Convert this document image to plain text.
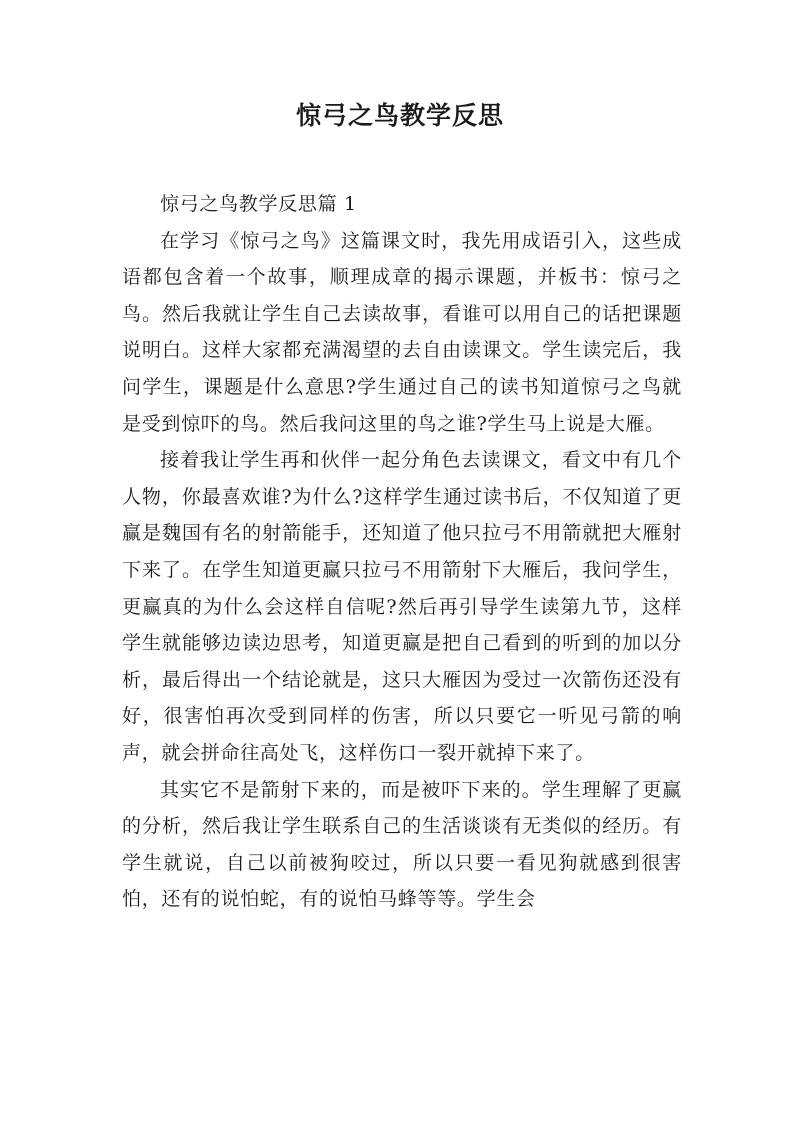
惊弓之鸟教学反思

惊弓之鸟教学反思篇 1

在学习《惊弓之鸟》这篇课文时，我先用成语引入，这些成语都包含着一个故事，顺理成章的揭示课题，并板书：惊弓之鸟。然后我就让学生自己去读故事，看谁可以用自己的话把课题说明白。这样大家都充满渴望的去自由读课文。学生读完后，我问学生，课题是什么意思?学生通过自己的读书知道惊弓之鸟就是受到惊吓的鸟。然后我问这里的鸟之谁?学生马上说是大雁。

接着我让学生再和伙伴一起分角色去读课文，看文中有几个人物，你最喜欢谁?为什么?这样学生通过读书后，不仅知道了更赢是魏国有名的射箭能手，还知道了他只拉弓不用箭就把大雁射下来了。在学生知道更赢只拉弓不用箭射下大雁后，我问学生，更赢真的为什么会这样自信呢?然后再引导学生读第九节，这样学生就能够边读边思考，知道更赢是把自己看到的听到的加以分析，最后得出一个结论就是，这只大雁因为受过一次箭伤还没有好，很害怕再次受到同样的伤害，所以只要它一听见弓箭的响声，就会拼命往高处飞，这样伤口一裂开就掉下来了。

其实它不是箭射下来的，而是被吓下来的。学生理解了更赢的分析，然后我让学生联系自己的生活谈谈有无类似的经历。有学生就说，自己以前被狗咬过，所以只要一看见狗就感到很害怕，还有的说怕蛇，有的说怕马蜂等等。学生会
